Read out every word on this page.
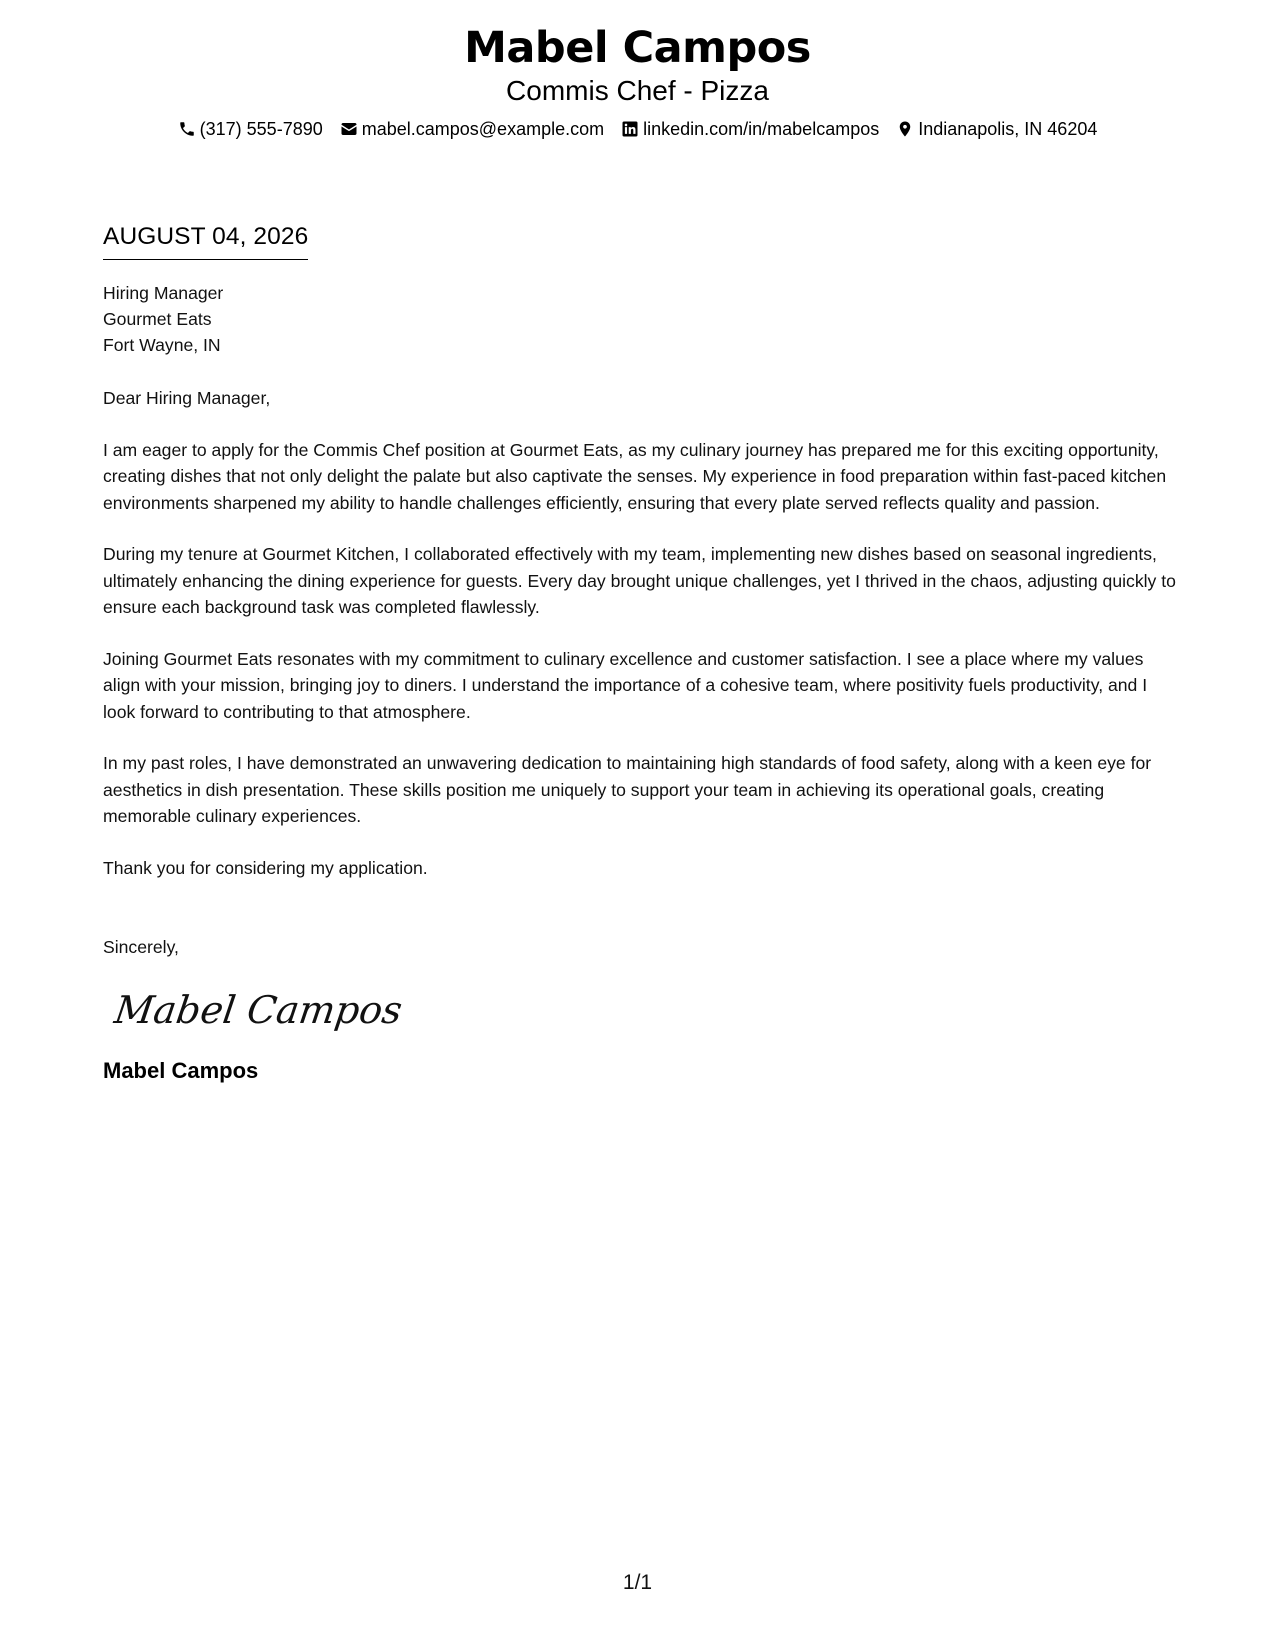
Mabel Campos
Commis Chef - Pizza
(317) 555-7890 mabel.campos@example.com linkedin.com/in/mabelcampos Indianapolis, IN 46204
AUGUST 04, 2026
Hiring Manager
Gourmet Eats
Fort Wayne, IN
Dear Hiring Manager,

I am eager to apply for the Commis Chef position at Gourmet Eats, as my culinary journey has prepared me for this exciting opportunity, creating dishes that not only delight the palate but also captivate the senses. My experience in food preparation within fast-paced kitchen environments sharpened my ability to handle challenges efficiently, ensuring that every plate served reflects quality and passion.

During my tenure at Gourmet Kitchen, I collaborated effectively with my team, implementing new dishes based on seasonal ingredients, ultimately enhancing the dining experience for guests. Every day brought unique challenges, yet I thrived in the chaos, adjusting quickly to ensure each background task was completed flawlessly.

Joining Gourmet Eats resonates with my commitment to culinary excellence and customer satisfaction. I see a place where my values align with your mission, bringing joy to diners. I understand the importance of a cohesive team, where positivity fuels productivity, and I look forward to contributing to that atmosphere.

In my past roles, I have demonstrated an unwavering dedication to maintaining high standards of food safety, along with a keen eye for aesthetics in dish presentation. These skills position me uniquely to support your team in achieving its operational goals, creating memorable culinary experiences.

Thank you for considering my application.
Sincerely,
Mabel Campos
Mabel Campos
1/1
